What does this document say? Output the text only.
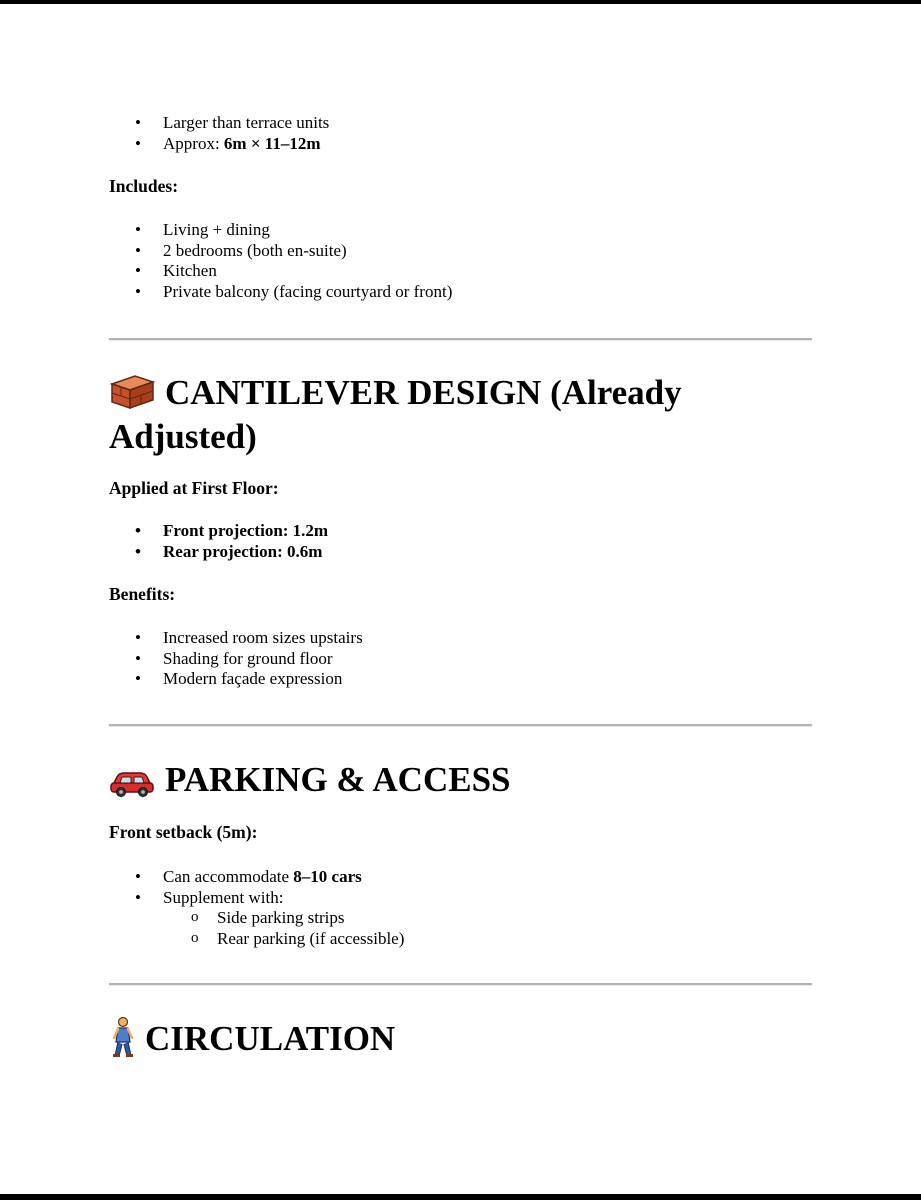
• Larger than terrace units
• Approx: 6m × 11–12m

Includes:

• Living + dining
• 2 bedrooms (both en-suite)
• Kitchen
• Private balcony (facing courtyard or front)
CANTILEVER DESIGN (Already Adjusted)

Applied at First Floor:

• Front projection: 1.2m
• Rear projection: 0.6m

Benefits:

• Increased room sizes upstairs
• Shading for ground floor
• Modern façade expression
PARKING & ACCESS

Front setback (5m):

• Can accommodate 8–10 cars
• Supplement with:
o Side parking strips
o Rear parking (if accessible)
CIRCULATION
